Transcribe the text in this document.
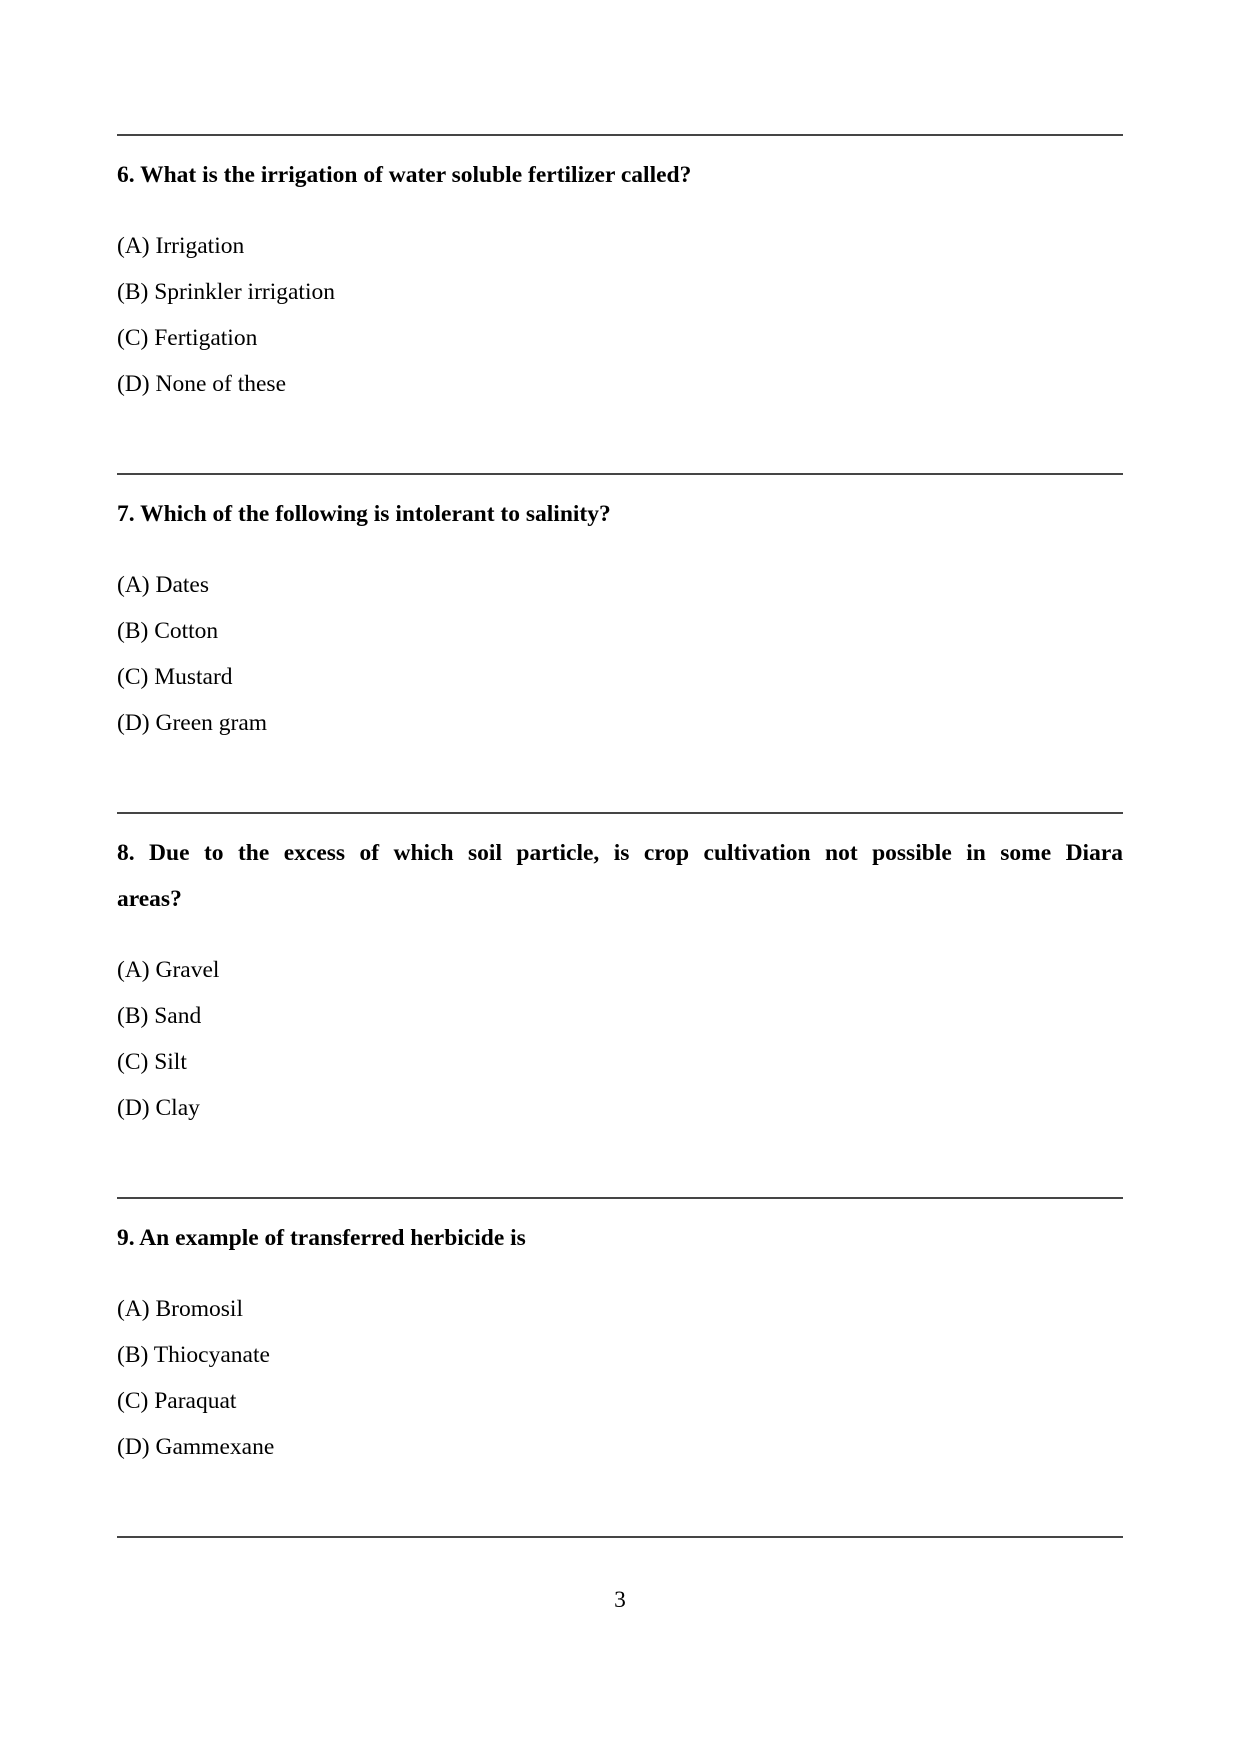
6. What is the irrigation of water soluble fertilizer called?

(A) Irrigation

(B) Sprinkler irrigation

(C) Fertigation

(D) None of these

7. Which of the following is intolerant to salinity?

(A) Dates

(B) Cotton

(C) Mustard

(D) Green gram

8. Due to the excess of which soil particle, is crop cultivation not possible in some Diara
areas?

(A) Gravel

(B) Sand

(C) Silt

(D) Clay

9. An example of transferred herbicide is

(A) Bromosil

(B) Thiocyanate

(C) Paraquat

(D) Gammexane

3
